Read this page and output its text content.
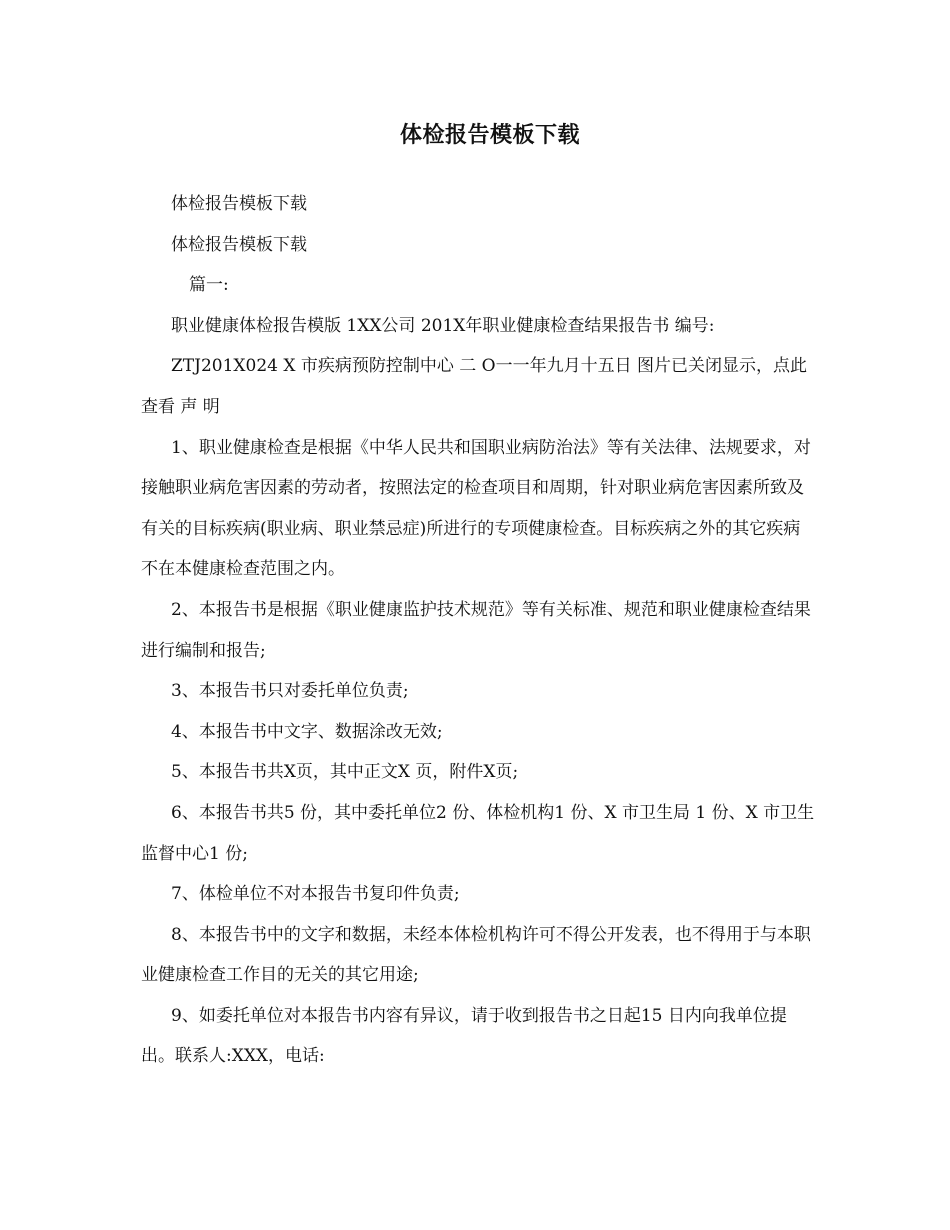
体检报告模板下载

体检报告模板下载

体检报告模板下载

篇一:

职业健康体检报告模版 1XX公司 201X年职业健康检查结果报告书 编号:

ZTJ201X024 X 市疾病预防控制中心 二 O一一年九月十五日 图片已关闭显示，点此查看 声 明

1、职业健康检查是根据《中华人民共和国职业病防治法》等有关法律、法规要求，对接触职业病危害因素的劳动者，按照法定的检查项目和周期，针对职业病危害因素所致及有关的目标疾病(职业病、职业禁忌症)所进行的专项健康检查。目标疾病之外的其它疾病不在本健康检查范围之内。

2、本报告书是根据《职业健康监护技术规范》等有关标准、规范和职业健康检查结果进行编制和报告;

3、本报告书只对委托单位负责;

4、本报告书中文字、数据涂改无效;

5、本报告书共X页，其中正文X 页，附件X页;

6、本报告书共5 份，其中委托单位2 份、体检机构1 份、X 市卫生局 1 份、X 市卫生监督中心1 份;

7、体检单位不对本报告书复印件负责;

8、本报告书中的文字和数据，未经本体检机构许可不得公开发表，也不得用于与本职业健康检查工作目的无关的其它用途;

9、如委托单位对本报告书内容有异议，请于收到报告书之日起15 日内向我单位提出。联系人:XXX，电话:
